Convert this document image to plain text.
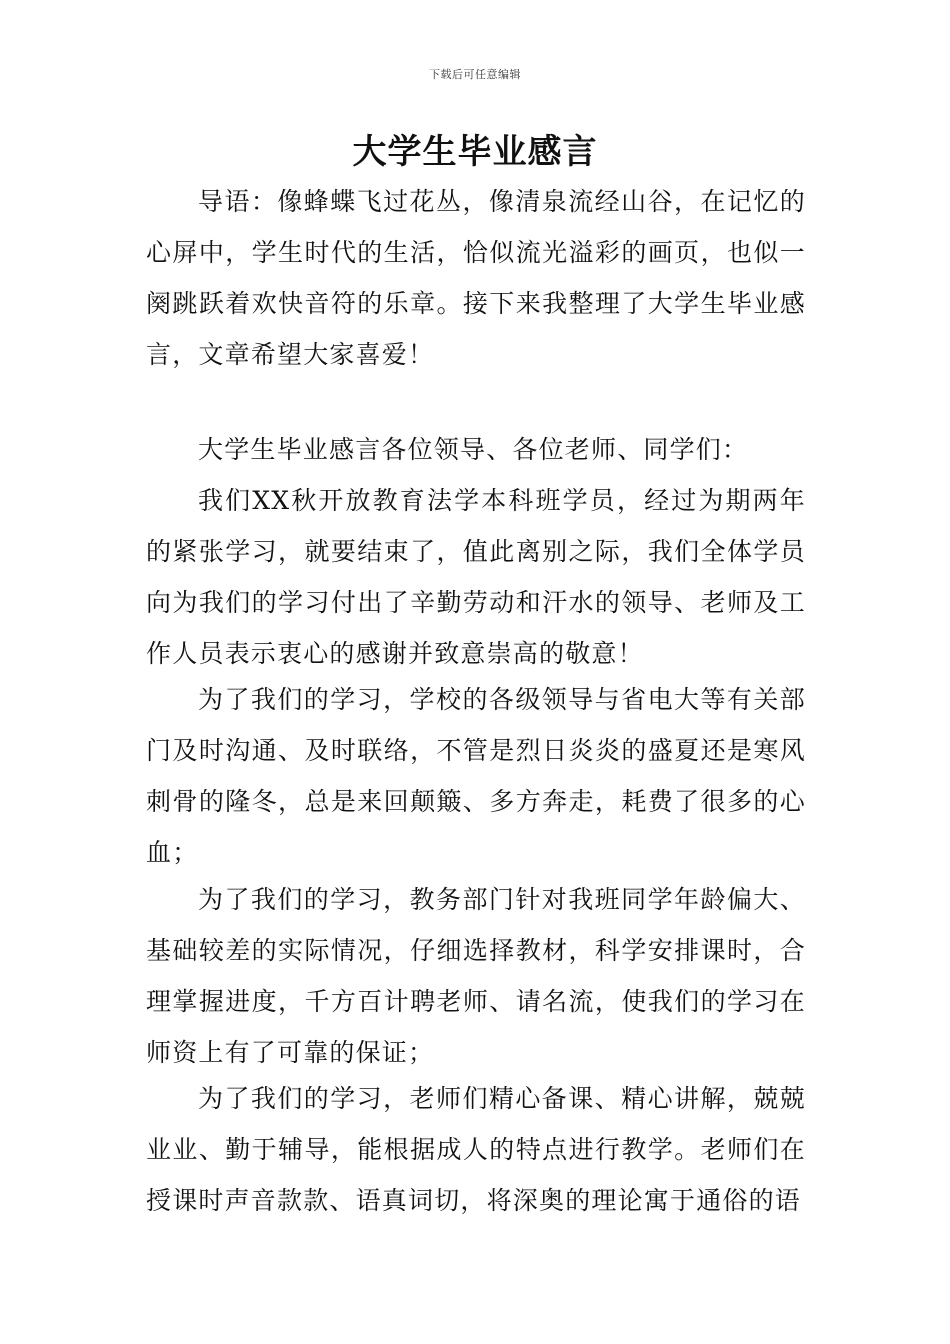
下载后可任意编辑
大学生毕业感言

导语：像蜂蝶飞过花丛，像清泉流经山谷，在记忆的心屏中，学生时代的生活，恰似流光溢彩的画页，也似一阕跳跃着欢快音符的乐章。接下来我整理了大学生毕业感言，文章希望大家喜爱！

大学生毕业感言各位领导、各位老师、同学们：

我们XX秋开放教育法学本科班学员，经过为期两年的紧张学习，就要结束了，值此离别之际，我们全体学员向为我们的学习付出了辛勤劳动和汗水的领导、老师及工作人员表示衷心的感谢并致意崇高的敬意！

为了我们的学习，学校的各级领导与省电大等有关部门及时沟通、及时联络，不管是烈日炎炎的盛夏还是寒风刺骨的隆冬，总是来回颠簸、多方奔走，耗费了很多的心血；

为了我们的学习，教务部门针对我班同学年龄偏大、基础较差的实际情况，仔细选择教材，科学安排课时，合理掌握进度，千方百计聘老师、请名流，使我们的学习在师资上有了可靠的保证；

为了我们的学习，老师们精心备课、精心讲解，兢兢业业、勤于辅导，能根据成人的特点进行教学。老师们在授课时声音款款、语真词切，将深奥的理论寓于通俗的语
